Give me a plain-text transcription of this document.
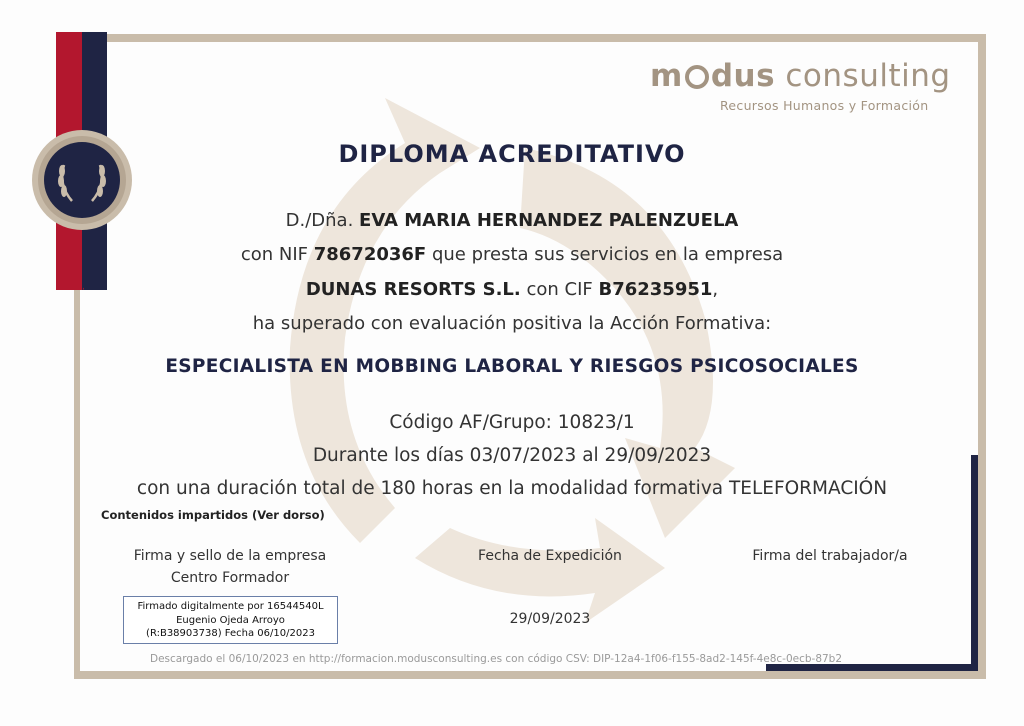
m dus consulting
Recursos Humanos y Formación
DIPLOMA ACREDITATIVO
D./Dña. EVA MARIA HERNANDEZ PALENZUELA
con NIF 78672036F que presta sus servicios en la empresa
DUNAS RESORTS S.L. con CIF B76235951,
ha superado con evaluación positiva la Acción Formativa:
ESPECIALISTA EN MOBBING LABORAL Y RIESGOS PSICOSOCIALES
Código AF/Grupo: 10823/1
Durante los días 03/07/2023 al 29/09/2023
con una duración total de 180 horas en la modalidad formativa TELEFORMACIÓN
Contenidos impartidos (Ver dorso)
Firma y sello de la empresa
Centro Formador
Fecha de Expedición	Firma del trabajador/a
Firmado digitalmente por 16544540L
Eugenio Ojeda Arroyo
(R:B38903738) Fecha 06/10/2023
29/09/2023
Descargado el 06/10/2023 en http://formacion.modusconsulting.es con código CSV: DIP-12a4-1f06-f155-8ad2-145f-4e8c-0ecb-87b2
